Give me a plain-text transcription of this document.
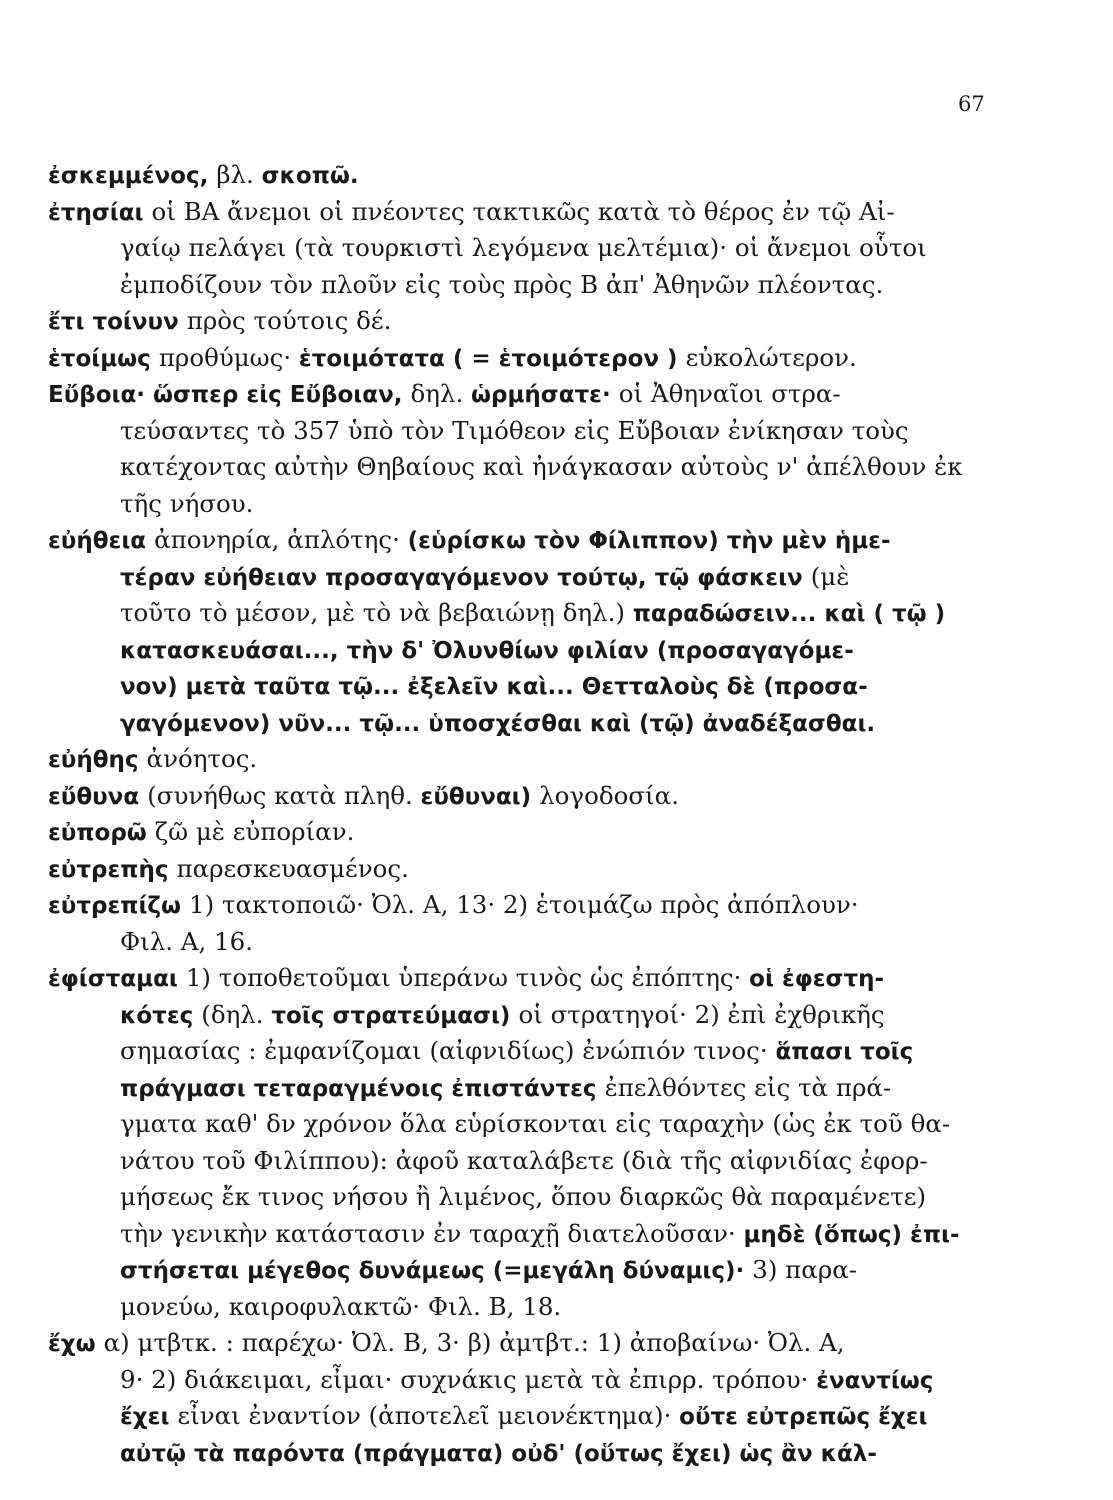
67
ἐσκεμμένος, βλ. σκοπῶ.
ἐτησίαι οἱ ΒΑ ἄνεμοι οἱ πνέοντες τακτικῶς κατὰ τὸ θέρος ἐν τῷ Αἰ-
γαίῳ πελάγει (τὰ τουρκιστὶ λεγόμενα μελτέμια)· οἱ ἄνεμοι οὗτοι
ἐμποδίζουν τὸν πλοῦν εἰς τοὺς πρὸς Β ἀπ' Ἀθηνῶν πλέοντας.
ἔτι τοίνυν πρὸς τούτοις δέ.
ἑτοίμως προθύμως· ἑτοιμότατα ( = ἑτοιμότερον ) εὐκολώτερον.
Εὔβοια· ὥσπερ εἰς Εὔβοιαν, δηλ. ὡρμήσατε· οἱ Ἀθηναῖοι στρα-
τεύσαντες τὸ 357 ὑπὸ τὸν Τιμόθεον εἰς Εὔβοιαν ἐνίκησαν τοὺς
κατέχοντας αὐτὴν Θηβαίους καὶ ἠνάγκασαν αὐτοὺς ν' ἀπέλθουν ἐκ
τῆς νήσου.
εὐήθεια ἀπονηρία, ἁπλότης· (εὑρίσκω τὸν Φίλιππον) τὴν μὲν ἡμε-
τέραν εὐήθειαν προσαγαγόμενον τούτῳ, τῷ φάσκειν (μὲ
τοῦτο τὸ μέσον, μὲ τὸ νὰ βεβαιώνῃ δηλ.) παραδώσειν... καὶ ( τῷ )
κατασκευάσαι..., τὴν δ' Ὀλυνθίων φιλίαν (προσαγαγόμε-
νον) μετὰ ταῦτα τῷ... ἐξελεῖν καὶ... Θετταλοὺς δὲ (προσα-
γαγόμενον) νῦν... τῷ... ὑποσχέσθαι καὶ (τῷ) ἀναδέξασθαι.
εὐήθης ἀνόητος.
εὔθυνα (συνήθως κατὰ πληθ. εὔθυναι) λογοδοσία.
εὐπορῶ ζῶ μὲ εὐπορίαν.
εὐτρεπὴς παρεσκευασμένος.
εὐτρεπίζω 1) τακτοποιῶ· Ὀλ. Α, 13· 2) ἑτοιμάζω πρὸς ἀπόπλουν·
Φιλ. Α, 16.
ἐφίσταμαι 1) τοποθετοῦμαι ὑπεράνω τινὸς ὡς ἐπόπτης· οἱ ἐφεστη-
κότες (δηλ. τοῖς στρατεύμασι) οἱ στρατηγοί· 2) ἐπὶ ἐχθρικῆς
σημασίας : ἐμφανίζομαι (αἰφνιδίως) ἐνώπιόν τινος· ἅπασι τοῖς
πράγμασι τεταραγμένοις ἐπιστάντες ἐπελθόντες εἰς τὰ πρά-
γματα καθ' δν χρόνον ὅλα εὑρίσκονται εἰς ταραχὴν (ὡς ἐκ τοῦ θα-
νάτου τοῦ Φιλίππου): ἀφοῦ καταλάβετε (διὰ τῆς αἰφνιδίας ἐφορ-
μήσεως ἔκ τινος νήσου ἢ λιμένος, ὅπου διαρκῶς θὰ παραμένετε)
τὴν γενικὴν κατάστασιν ἐν ταραχῇ διατελοῦσαν· μηδὲ (ὅπως) ἐπι-
στήσεται μέγεθος δυνάμεως (=μεγάλη δύναμις)· 3) παρα-
μονεύω, καιροφυλακτῶ· Φιλ. Β, 18.
ἔχω α) μτβτκ. : παρέχω· Ὀλ. Β, 3· β) ἀμτβτ.: 1) ἀποβαίνω· Ὀλ. Α,
9· 2) διάκειμαι, εἶμαι· συχνάκις μετὰ τὰ ἐπιρρ. τρόπου· ἐναντίως
ἔχει εἶναι ἐναντίον (ἀποτελεῖ μειονέκτημα)· οὔτε εὐτρεπῶς ἔχει
αὐτῷ τὰ παρόντα (πράγματα) οὐδ' (οὕτως ἔχει) ὡς ἂν κάλ-
